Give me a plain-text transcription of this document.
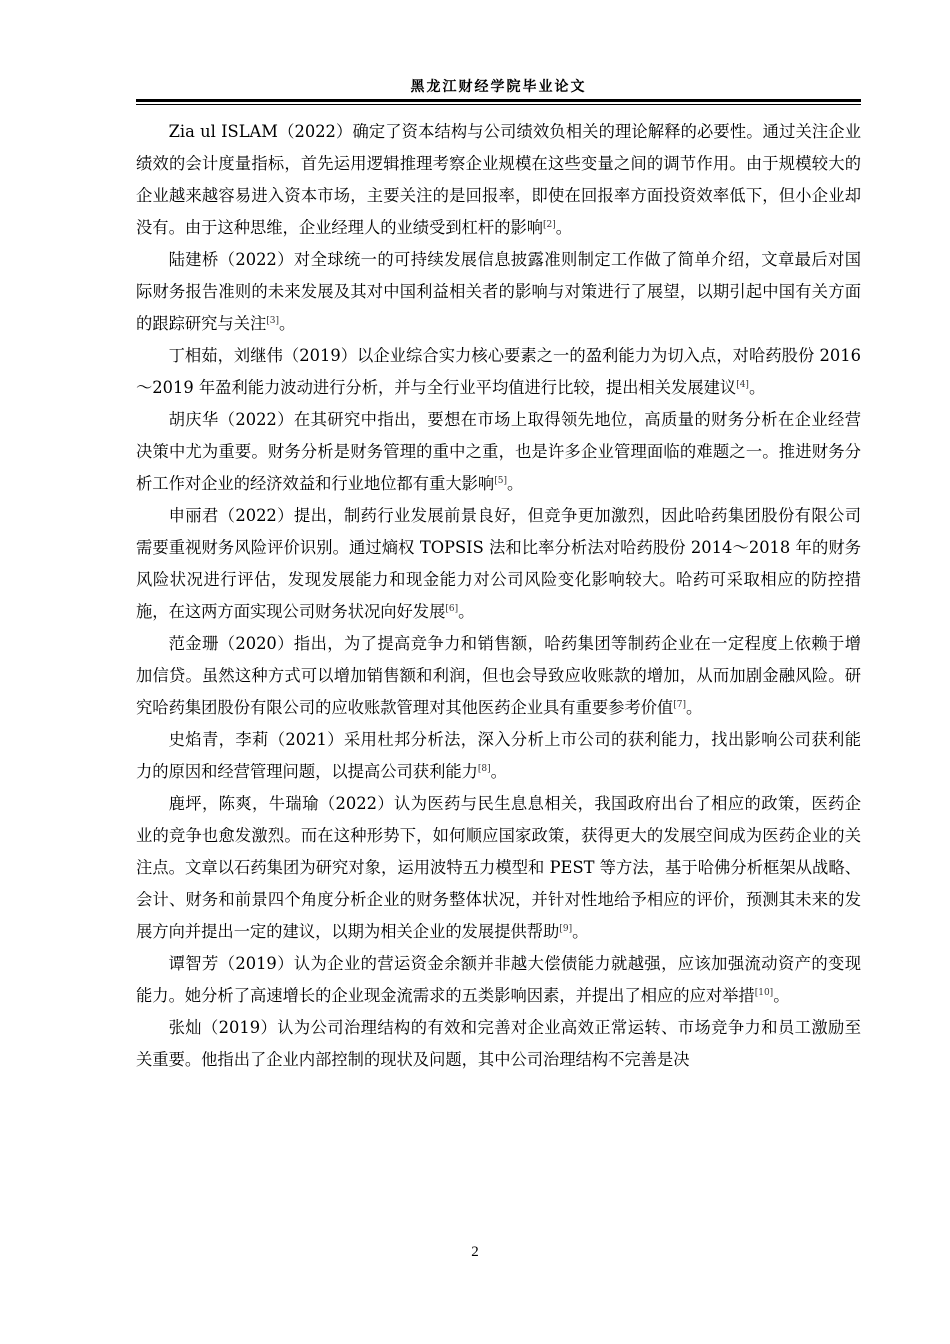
黑龙江财经学院毕业论文

Zia ul ISLAM（2022）确定了资本结构与公司绩效负相关的理论解释的必要性。通过关注企业绩效的会计度量指标，首先运用逻辑推理考察企业规模在这些变量之间的调节作用。由于规模较大的企业越来越容易进入资本市场，主要关注的是回报率，即使在回报率方面投资效率低下，但小企业却没有。由于这种思维，企业经理人的业绩受到杠杆的影响[2]。

陆建桥（2022）对全球统一的可持续发展信息披露准则制定工作做了简单介绍，文章最后对国际财务报告准则的未来发展及其对中国利益相关者的影响与对策进行了展望，以期引起中国有关方面的跟踪研究与关注[3]。

丁相茹，刘继伟（2019）以企业综合实力核心要素之一的盈利能力为切入点，对哈药股份 2016～2019 年盈利能力波动进行分析，并与全行业平均值进行比较，提出相关发展建议[4]。

胡庆华（2022）在其研究中指出，要想在市场上取得领先地位，高质量的财务分析在企业经营决策中尤为重要。财务分析是财务管理的重中之重，也是许多企业管理面临的难题之一。推进财务分析工作对企业的经济效益和行业地位都有重大影响[5]。

申丽君（2022）提出，制药行业发展前景良好，但竞争更加激烈，因此哈药集团股份有限公司需要重视财务风险评价识别。通过熵权 TOPSIS 法和比率分析法对哈药股份 2014～2018 年的财务风险状况进行评估，发现发展能力和现金能力对公司风险变化影响较大。哈药可采取相应的防控措施，在这两方面实现公司财务状况向好发展[6]。

范金珊（2020）指出，为了提高竞争力和销售额，哈药集团等制药企业在一定程度上依赖于增加信贷。虽然这种方式可以增加销售额和利润，但也会导致应收账款的增加，从而加剧金融风险。研究哈药集团股份有限公司的应收账款管理对其他医药企业具有重要参考价值[7]。

史焰青，李莉（2021）采用杜邦分析法，深入分析上市公司的获利能力，找出影响公司获利能力的原因和经营管理问题，以提高公司获利能力[8]。

鹿坪，陈爽，牛瑞瑜（2022）认为医药与民生息息相关，我国政府出台了相应的政策，医药企业的竞争也愈发激烈。而在这种形势下，如何顺应国家政策，获得更大的发展空间成为医药企业的关注点。文章以石药集团为研究对象，运用波特五力模型和 PEST 等方法，基于哈佛分析框架从战略、会计、财务和前景四个角度分析企业的财务整体状况，并针对性地给予相应的评价，预测其未来的发展方向并提出一定的建议，以期为相关企业的发展提供帮助[9]。

谭智芳（2019）认为企业的营运资金余额并非越大偿债能力就越强，应该加强流动资产的变现能力。她分析了高速增长的企业现金流需求的五类影响因素，并提出了相应的应对举措[10]。

张灿（2019）认为公司治理结构的有效和完善对企业高效正常运转、市场竞争力和员工激励至关重要。他指出了企业内部控制的现状及问题，其中公司治理结构不完善是决

2
